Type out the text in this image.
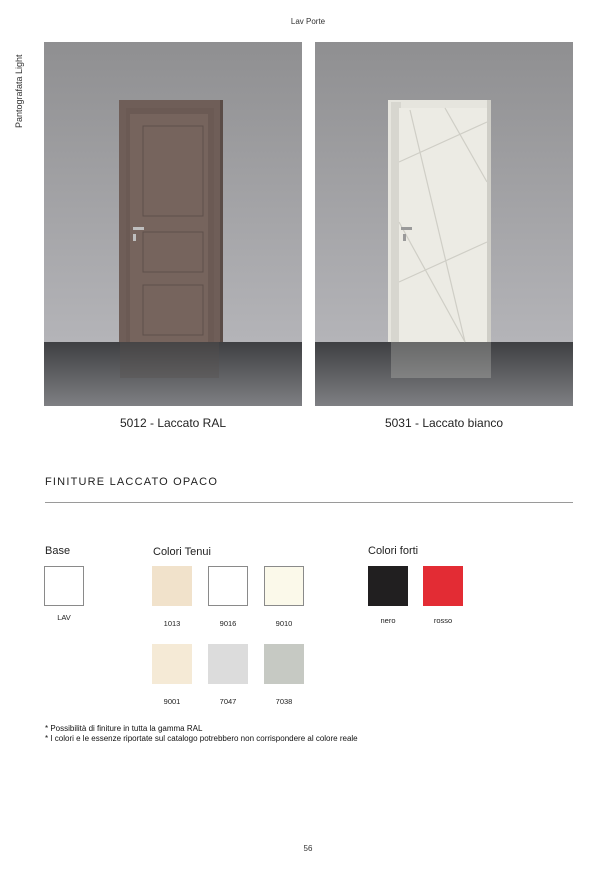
Lav Porte
Pantografata Light
5012 - Laccato RAL	5031 - Laccato bianco
FINITURE LACCATO OPACO
Base
LAV
Colori Tenui
1013	9016	9010
9001	7047	7038
Colori forti
nero	rosso
* Possibilità di finiture in tutta la gamma RAL
* I colori e le essenze riportate sul catalogo potrebbero non corrispondere al colore reale
56
